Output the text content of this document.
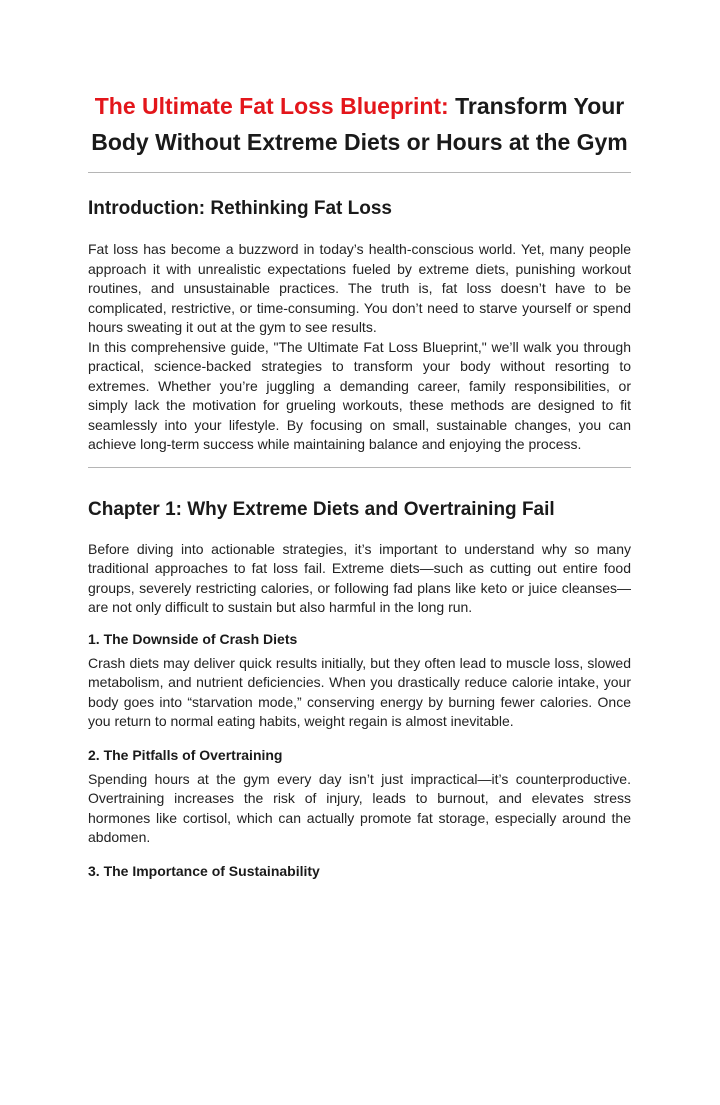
The Ultimate Fat Loss Blueprint: Transform Your Body Without Extreme Diets or Hours at the Gym
Introduction: Rethinking Fat Loss

Fat loss has become a buzzword in today’s health-conscious world. Yet, many people approach it with unrealistic expectations fueled by extreme diets, punishing workout routines, and unsustainable practices. The truth is, fat loss doesn’t have to be complicated, restrictive, or time-consuming. You don’t need to starve yourself or spend hours sweating it out at the gym to see results.

In this comprehensive guide, "The Ultimate Fat Loss Blueprint," we’ll walk you through practical, science-backed strategies to transform your body without resorting to extremes. Whether you’re juggling a demanding career, family responsibilities, or simply lack the motivation for grueling workouts, these methods are designed to fit seamlessly into your lifestyle. By focusing on small, sustainable changes, you can achieve long-term success while maintaining balance and enjoying the process.

Chapter 1: Why Extreme Diets and Overtraining Fail

Before diving into actionable strategies, it’s important to understand why so many traditional approaches to fat loss fail. Extreme diets—such as cutting out entire food groups, severely restricting calories, or following fad plans like keto or juice cleanses—are not only difficult to sustain but also harmful in the long run.

1. The Downside of Crash Diets

Crash diets may deliver quick results initially, but they often lead to muscle loss, slowed metabolism, and nutrient deficiencies. When you drastically reduce calorie intake, your body goes into “starvation mode,” conserving energy by burning fewer calories. Once you return to normal eating habits, weight regain is almost inevitable.

2. The Pitfalls of Overtraining

Spending hours at the gym every day isn’t just impractical—it’s counterproductive. Overtraining increases the risk of injury, leads to burnout, and elevates stress hormones like cortisol, which can actually promote fat storage, especially around the abdomen.

3. The Importance of Sustainability
